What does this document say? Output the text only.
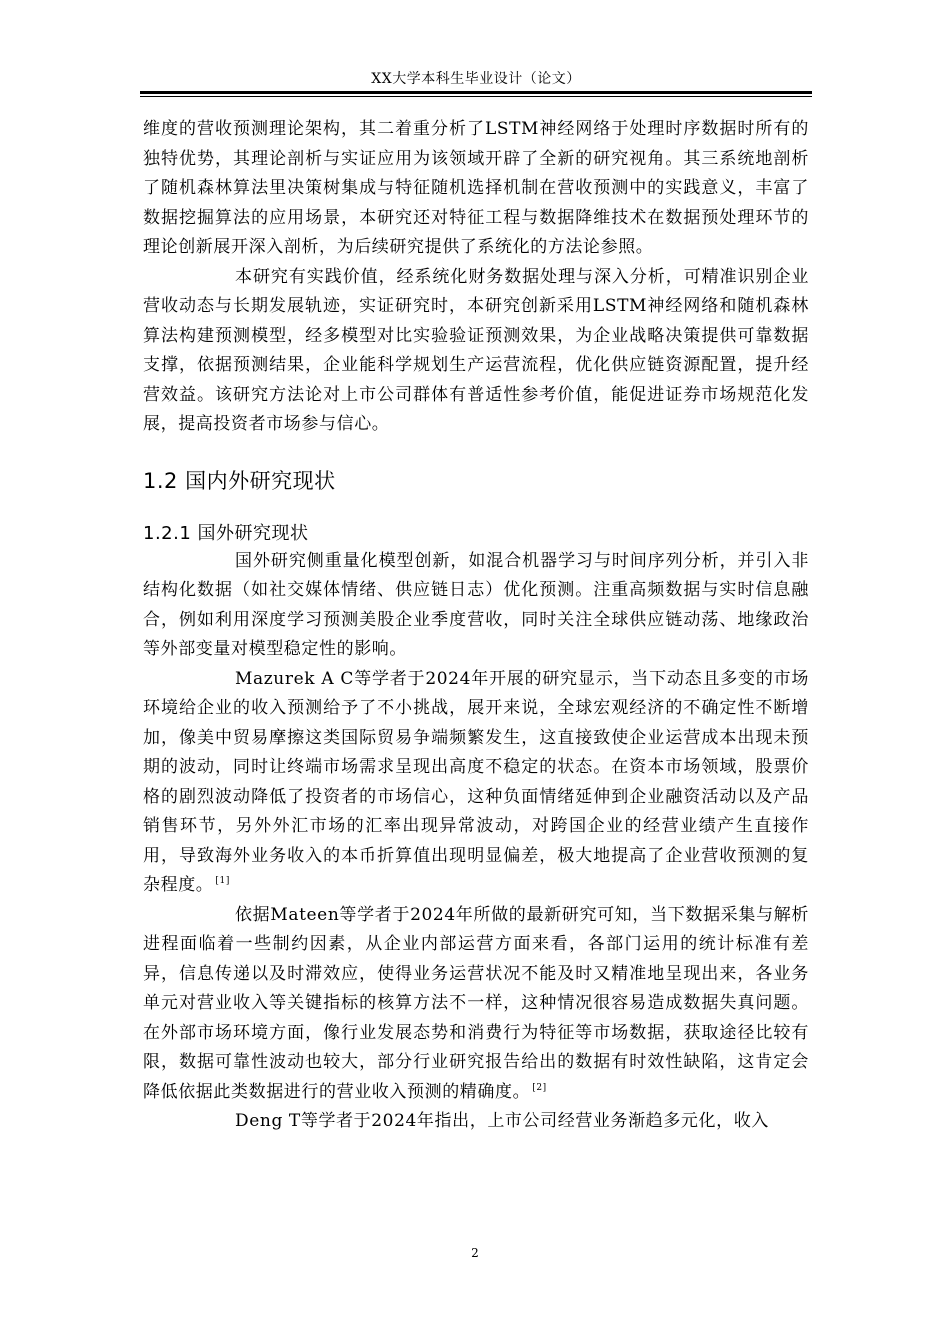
XX大学本科生毕业设计（论文）

维度的营收预测理论架构，其二着重分析了LSTM神经网络于处理时序数据时所有的独特优势，其理论剖析与实证应用为该领域开辟了全新的研究视角。其三系统地剖析了随机森林算法里决策树集成与特征随机选择机制在营收预测中的实践意义，丰富了数据挖掘算法的应用场景，本研究还对特征工程与数据降维技术在数据预处理环节的理论创新展开深入剖析，为后续研究提供了系统化的方法论参照。

本研究有实践价值，经系统化财务数据处理与深入分析，可精准识别企业营收动态与长期发展轨迹，实证研究时，本研究创新采用LSTM神经网络和随机森林算法构建预测模型，经多模型对比实验验证预测效果，为企业战略决策提供可靠数据支撑，依据预测结果，企业能科学规划生产运营流程，优化供应链资源配置，提升经营效益。该研究方法论对上市公司群体有普适性参考价值，能促进证券市场规范化发展，提高投资者市场参与信心。

1.2 国内外研究现状
1.2.1 国外研究现状

国外研究侧重量化模型创新，如混合机器学习与时间序列分析，并引入非结构化数据（如社交媒体情绪、供应链日志）优化预测。注重高频数据与实时信息融合，例如利用深度学习预测美股企业季度营收，同时关注全球供应链动荡、地缘政治等外部变量对模型稳定性的影响。

Mazurek A C等学者于2024年开展的研究显示，当下动态且多变的市场环境给企业的收入预测给予了不小挑战，展开来说，全球宏观经济的不确定性不断增加，像美中贸易摩擦这类国际贸易争端频繁发生，这直接致使企业运营成本出现未预期的波动，同时让终端市场需求呈现出高度不稳定的状态。在资本市场领域，股票价格的剧烈波动降低了投资者的市场信心，这种负面情绪延伸到企业融资活动以及产品销售环节，另外外汇市场的汇率出现异常波动，对跨国企业的经营业绩产生直接作用，导致海外业务收入的本币折算值出现明显偏差，极大地提高了企业营收预测的复杂程度。 [1]

依据Mateen等学者于2024年所做的最新研究可知，当下数据采集与解析进程面临着一些制约因素，从企业内部运营方面来看，各部门运用的统计标准有差异，信息传递以及时滞效应，使得业务运营状况不能及时又精准地呈现出来，各业务单元对营业收入等关键指标的核算方法不一样，这种情况很容易造成数据失真问题。在外部市场环境方面，像行业发展态势和消费行为特征等市场数据，获取途径比较有限，数据可靠性波动也较大，部分行业研究报告给出的数据有时效性缺陷，这肯定会降低依据此类数据进行的营业收入预测的精确度。 [2]

Deng T等学者于2024年指出，上市公司经营业务渐趋多元化，收入

2
